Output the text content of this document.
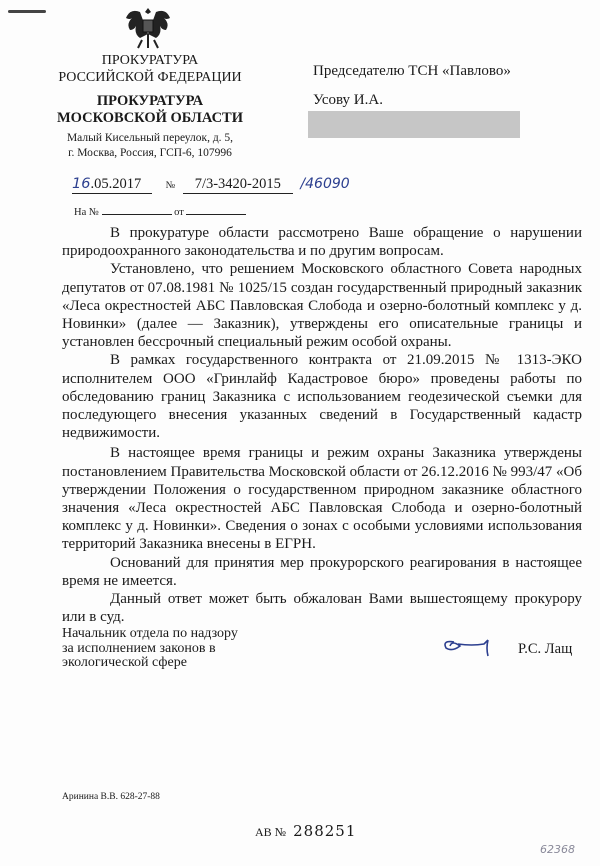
ПРОКУРАТУРА
РОССИЙСКОЙ ФЕДЕРАЦИИ
ПРОКУРАТУРА
МОСКОВСКОЙ ОБЛАСТИ
Малый Кисельный переулок, д. 5,
г. Москва, Россия, ГСП-6, 107996
Председателю ТСН «Павлово»
Усову И.А.
16.05.2017 № 7/3-3420-2015 /46090
На №	от

В прокуратуре области рассмотрено Ваше обращение о нарушении природоохранного законодательства и по другим вопросам.

Установлено, что решением Московского областного Совета народных депутатов от 07.08.1981 № 1025/15 создан государственный природный заказник «Леса окрестностей АБС Павловская Слобода и озерно-болотный комплекс у д. Новинки» (далее — Заказник), утверждены его описательные границы и установлен бессрочный специальный режим особой охраны.

В рамках государственного контракта от 21.09.2015 № 1313-ЭКО исполнителем ООО «Гринлайф Кадастровое бюро» проведены работы по обследованию границ Заказника с использованием геодезической съемки для последующего внесения указанных сведений в Государственный кадастр недвижимости.

В настоящее время границы и режим охраны Заказника утверждены постановлением Правительства Московской области от 26.12.2016 № 993/47 «Об утверждении Положения о государственном природном заказнике областного значения «Леса окрестностей АБС Павловская Слобода и озерно-болотный комплекс у д. Новинки». Сведения о зонах с особыми условиями использования территорий Заказника внесены в ЕГРН.

Оснований для принятия мер прокурорского реагирования в настоящее время не имеется.

Данный ответ может быть обжалован Вами вышестоящему прокурору или в суд.

Начальник отдела по надзору
за исполнением законов в
экологической сфере
Р.С. Лащ
Аринина В.В. 628-27-88
АВ № 288251
62368
